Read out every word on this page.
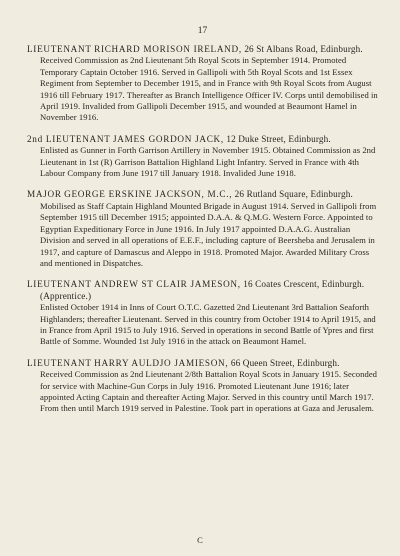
17
LIEUTENANT RICHARD MORISON IRELAND, 26 St Albans Road, Edinburgh.
Received Commission as 2nd Lieutenant 5th Royal Scots in September 1914. Promoted Temporary Captain October 1916. Served in Gallipoli with 5th Royal Scots and 1st Essex Regiment from September to December 1915, and in France with 9th Royal Scots from August 1916 till February 1917. Thereafter as Branch Intelligence Officer IV. Corps until demobilised in April 1919. Invalided from Gallipoli December 1915, and wounded at Beaumont Hamel in November 1916.
2nd LIEUTENANT JAMES GORDON JACK, 12 Duke Street, Edinburgh.
Enlisted as Gunner in Forth Garrison Artillery in November 1915. Obtained Commission as 2nd Lieutenant in 1st (R) Garrison Battalion Highland Light Infantry. Served in France with 4th Labour Company from June 1917 till January 1918. Invalided June 1918.
MAJOR GEORGE ERSKINE JACKSON, M.C., 26 Rutland Square, Edinburgh.
Mobilised as Staff Captain Highland Mounted Brigade in August 1914. Served in Gallipoli from September 1915 till December 1915; appointed D.A.A. & Q.M.G. Western Force. Appointed to Egyptian Expeditionary Force in June 1916. In July 1917 appointed D.A.A.G. Australian Division and served in all operations of E.E.F., including capture of Beersheba and Jerusalem in 1917, and capture of Damascus and Aleppo in 1918. Promoted Major. Awarded Military Cross and mentioned in Dispatches.
LIEUTENANT ANDREW ST CLAIR JAMESON, 16 Coates Crescent, Edinburgh. (Apprentice.)
Enlisted October 1914 in Inns of Court O.T.C. Gazetted 2nd Lieutenant 3rd Battalion Seaforth Highlanders; thereafter Lieutenant. Served in this country from October 1914 to April 1915, and in France from April 1915 to July 1916. Served in operations in second Battle of Ypres and first Battle of Somme. Wounded 1st July 1916 in the attack on Beaumont Hamel.
LIEUTENANT HARRY AULDJO JAMIESON, 66 Queen Street, Edinburgh.
Received Commission as 2nd Lieutenant 2/8th Battalion Royal Scots in January 1915. Seconded for service with Machine-Gun Corps in July 1916. Promoted Lieutenant June 1916; later appointed Acting Captain and thereafter Acting Major. Served in this country until March 1917. From then until March 1919 served in Palestine. Took part in operations at Gaza and Jerusalem.
C
